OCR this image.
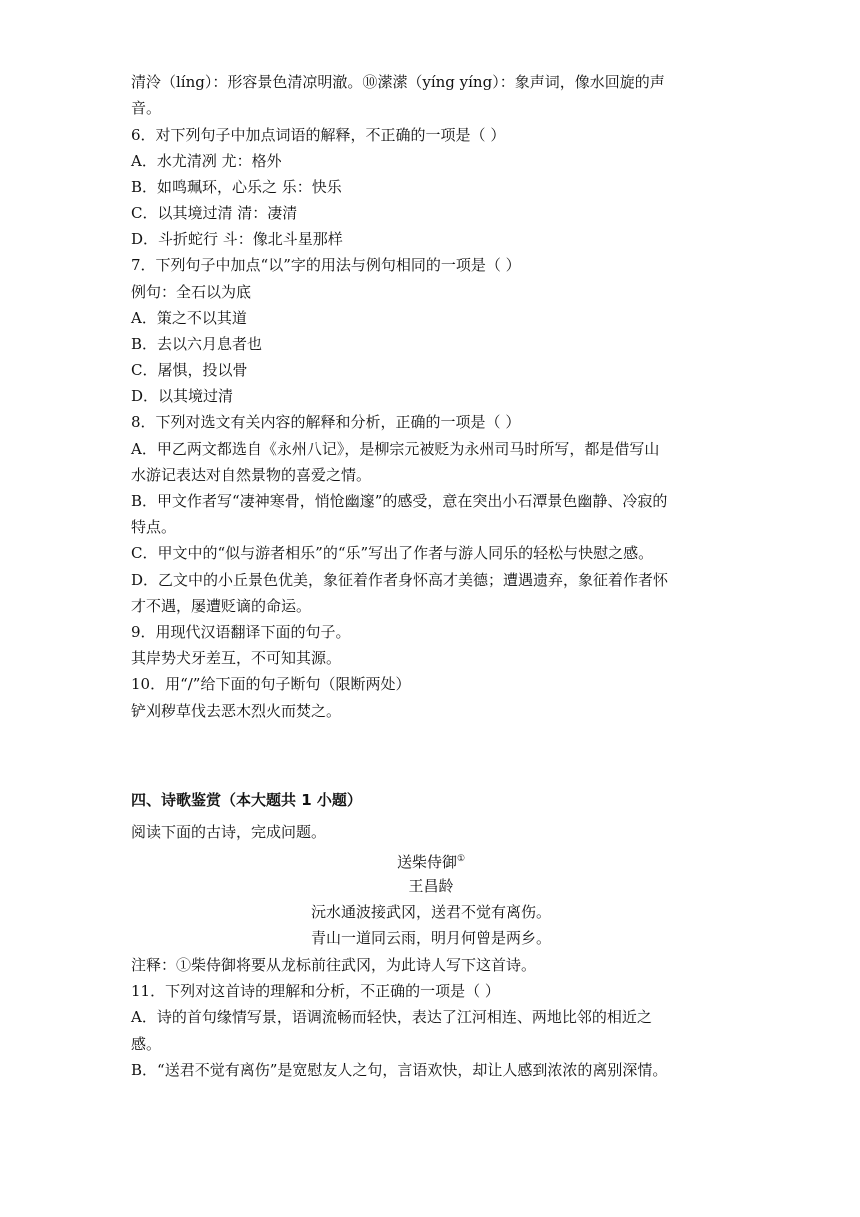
清泠（líng）：形容景色清凉明澈。⑩潆潆（yíng yíng）：象声词，像水回旋的声
音。
6．对下列句子中加点词语的解释，不正确的一项是（ ）
A．水尤清冽 尤：格外
B．如鸣珮环，心乐之 乐：快乐
C．以其境过清 清：凄清
D．斗折蛇行 斗：像北斗星那样
7．下列句子中加点“以”字的用法与例句相同的一项是（ ）
例句：全石以为底
A．策之不以其道
B．去以六月息者也
C．屠惧，投以骨
D．以其境过清
8．下列对选文有关内容的解释和分析，正确的一项是（ ）
A．甲乙两文都选自《永州八记》，是柳宗元被贬为永州司马时所写，都是借写山
水游记表达对自然景物的喜爱之情。
B．甲文作者写“凄神寒骨，悄怆幽邃”的感受，意在突出小石潭景色幽静、冷寂的
特点。
C．甲文中的“似与游者相乐”的“乐”写出了作者与游人同乐的轻松与快慰之感。
D．乙文中的小丘景色优美，象征着作者身怀高才美德；遭遇遗弃，象征着作者怀
才不遇，屡遭贬谪的命运。
9．用现代汉语翻译下面的句子。
其岸势犬牙差互，不可知其源。
10．用“/”给下面的句子断句（限断两处）
铲刈秽草伐去恶木烈火而焚之。
四、诗歌鉴赏（本大题共 1 小题）
阅读下面的古诗，完成问题。
送柴侍御①
王昌龄
沅水通波接武冈，送君不觉有离伤。
青山一道同云雨，明月何曾是两乡。
注释：①柴侍御将要从龙标前往武冈，为此诗人写下这首诗。
11．下列对这首诗的理解和分析，不正确的一项是（ ）
A．诗的首句缘情写景，语调流畅而轻快，表达了江河相连、两地比邻的相近之
感。
B．“送君不觉有离伤”是宽慰友人之句，言语欢快，却让人感到浓浓的离别深情。
